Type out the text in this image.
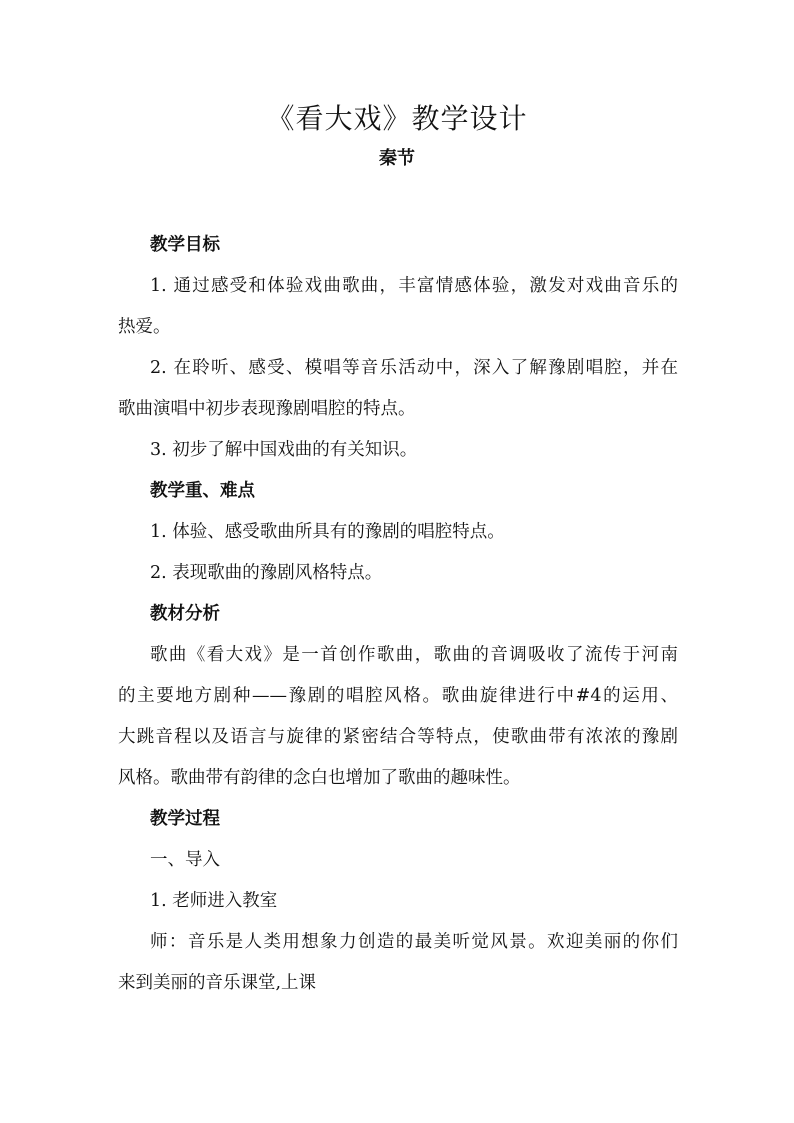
《看大戏》教学设计
秦节

教学目标

1. 通过感受和体验戏曲歌曲，丰富情感体验，激发对戏曲音乐的

热爱。

2. 在聆听、感受、模唱等音乐活动中，深入了解豫剧唱腔，并在

歌曲演唱中初步表现豫剧唱腔的特点。

3. 初步了解中国戏曲的有关知识。

教学重、难点

1. 体验、感受歌曲所具有的豫剧的唱腔特点。

2. 表现歌曲的豫剧风格特点。

教材分析

歌曲《看大戏》是一首创作歌曲，歌曲的音调吸收了流传于河南

的主要地方剧种——豫剧的唱腔风格。歌曲旋律进行中#4的运用、

大跳音程以及语言与旋律的紧密结合等特点，使歌曲带有浓浓的豫剧

风格。歌曲带有韵律的念白也增加了歌曲的趣味性。

教学过程

一、导入

1. 老师进入教室

师：音乐是人类用想象力创造的最美听觉风景。欢迎美丽的你们

来到美丽的音乐课堂,上课
